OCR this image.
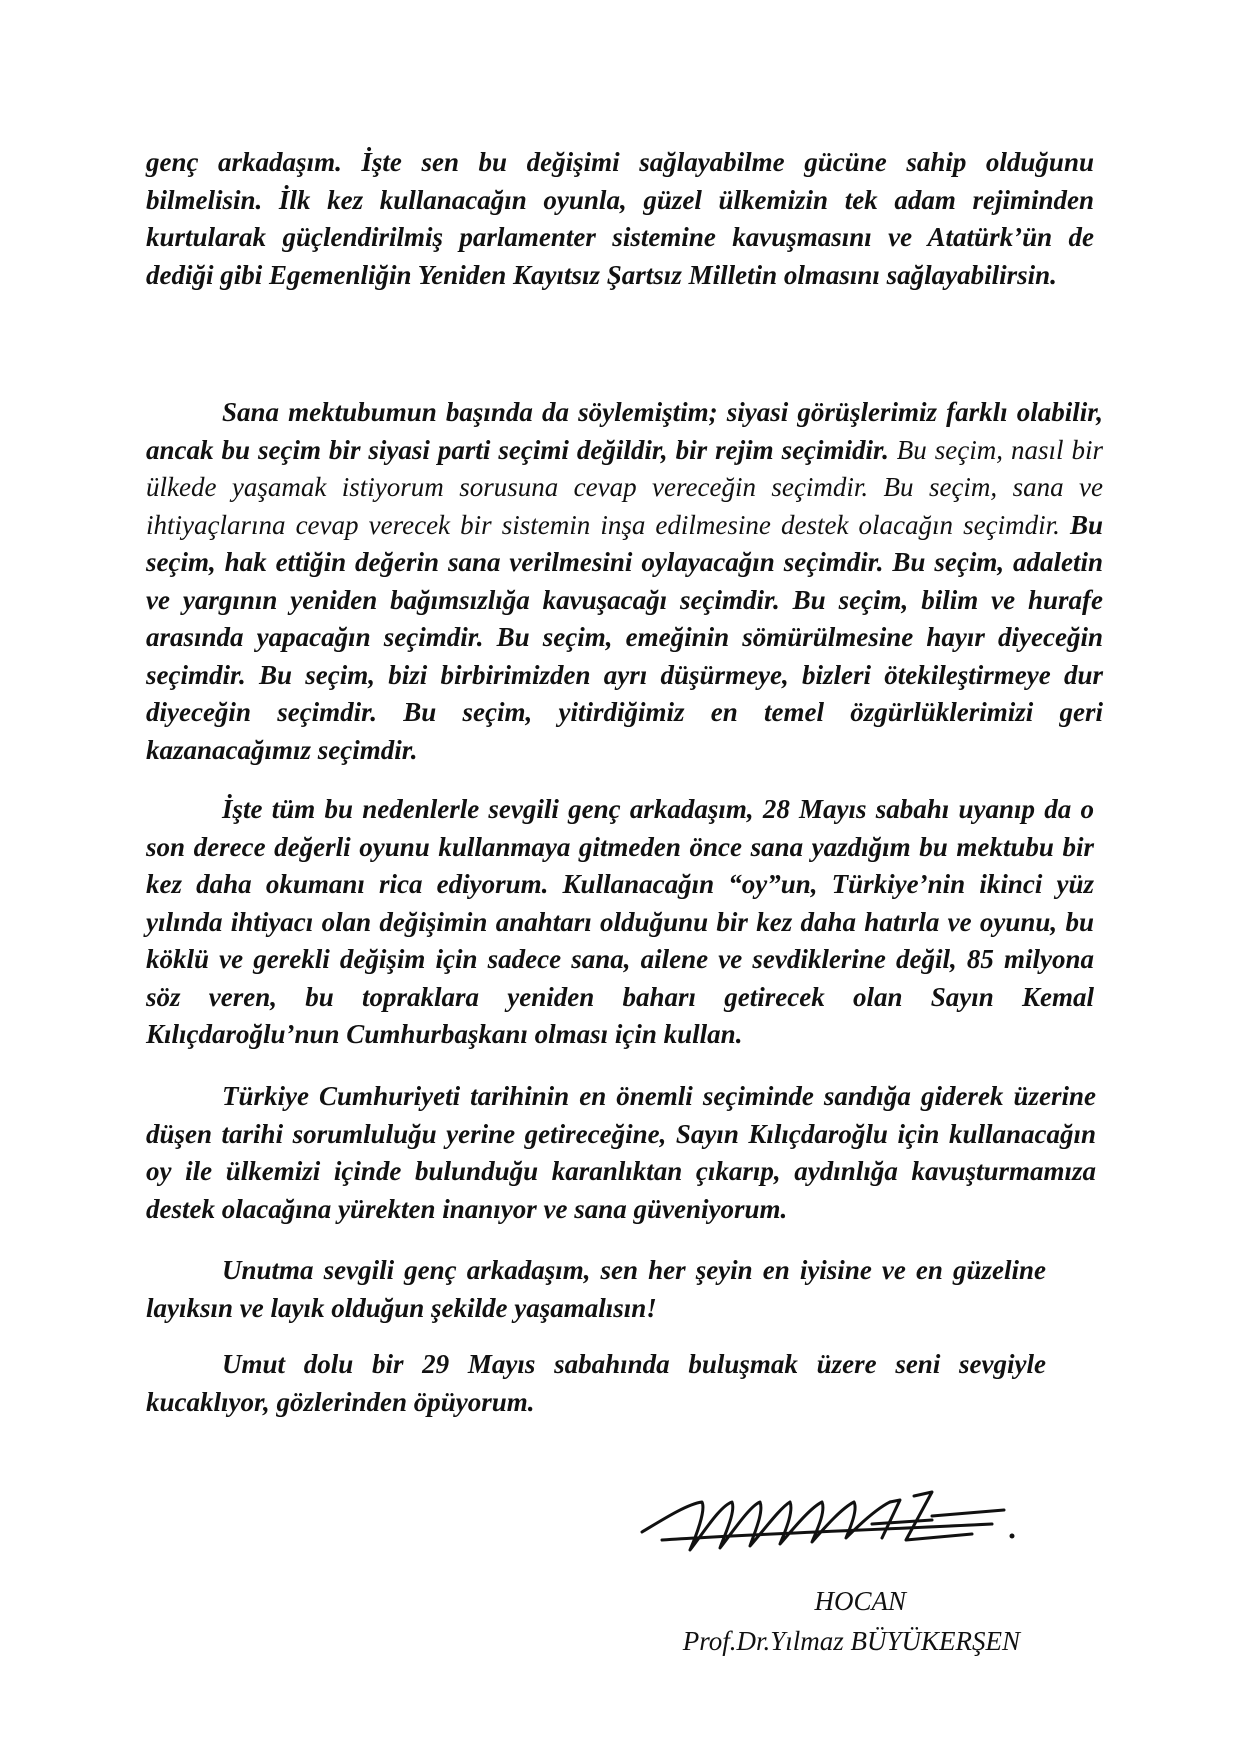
genç arkadaşım. İşte sen bu değişimi sağlayabilme gücüne sahip olduğunu bilmelisin. İlk kez kullanacağın oyunla, güzel ülkemizin tek adam rejiminden kurtularak güçlendirilmiş parlamenter sistemine kavuşmasını ve Atatürk’ün de dediği gibi Egemenliğin Yeniden Kayıtsız Şartsız Milletin olmasını sağlayabilirsin.

Sana mektubumun başında da söylemiştim; siyasi görüşlerimiz farklı olabilir, ancak bu seçim bir siyasi parti seçimi değildir, bir rejim seçimidir. Bu seçim, nasıl bir ülkede yaşamak istiyorum sorusuna cevap vereceğin seçimdir. Bu seçim, sana ve ihtiyaçlarına cevap verecek bir sistemin inşa edilmesine destek olacağın seçimdir. Bu seçim, hak ettiğin değerin sana verilmesini oylayacağın seçimdir. Bu seçim, adaletin ve yargının yeniden bağımsızlığa kavuşacağı seçimdir. Bu seçim, bilim ve hurafe arasında yapacağın seçimdir. Bu seçim, emeğinin sömürülmesine hayır diyeceğin seçimdir. Bu seçim, bizi birbirimizden ayrı düşürmeye, bizleri ötekileştirmeye dur diyeceğin seçimdir. Bu seçim, yitirdiğimiz en temel özgürlüklerimizi geri kazanacağımız seçimdir.

İşte tüm bu nedenlerle sevgili genç arkadaşım, 28 Mayıs sabahı uyanıp da o son derece değerli oyunu kullanmaya gitmeden önce sana yazdığım bu mektubu bir kez daha okumanı rica ediyorum. Kullanacağın “oy”un, Türkiye’nin ikinci yüz yılında ihtiyacı olan değişimin anahtarı olduğunu bir kez daha hatırla ve oyunu, bu köklü ve gerekli değişim için sadece sana, ailene ve sevdiklerine değil, 85 milyona söz veren, bu topraklara yeniden baharı getirecek olan Sayın Kemal Kılıçdaroğlu’nun Cumhurbaşkanı olması için kullan.

Türkiye Cumhuriyeti tarihinin en önemli seçiminde sandığa giderek üzerine düşen tarihi sorumluluğu yerine getireceğine, Sayın Kılıçdaroğlu için kullanacağın oy ile ülkemizi içinde bulunduğu karanlıktan çıkarıp, aydınlığa kavuşturmamıza destek olacağına yürekten inanıyor ve sana güveniyorum.

Unutma sevgili genç arkadaşım, sen her şeyin en iyisine ve en güzeline layıksın ve layık olduğun şekilde yaşamalısın!

Umut dolu bir 29 Mayıs sabahında buluşmak üzere seni sevgiyle kucaklıyor, gözlerinden öpüyorum.

HOCAN
Prof.Dr.Yılmaz BÜYÜKERŞEN
